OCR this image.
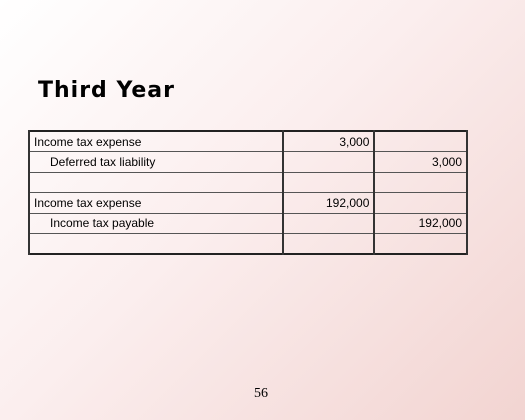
Third Year
Income tax expense	3,000	
Deferred tax liability		3,000

Income tax expense	192,000	
Income tax payable		192,000

56
